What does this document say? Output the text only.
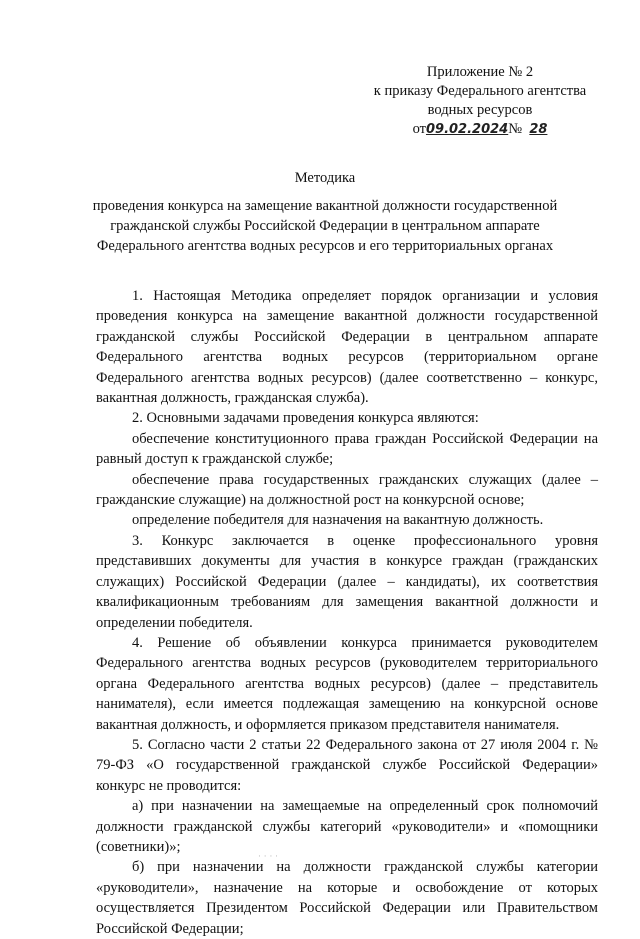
Приложение № 2
к приказу Федерального агентства
водных ресурсов
от09.02.2024№ 28
Методика
проведения конкурса на замещение вакантной должности государственной гражданской службы Российской Федерации в центральном аппарате Федерального агентства водных ресурсов и его территориальных органах

1. Настоящая Методика определяет порядок организации и условия проведения конкурса на замещение вакантной должности государственной гражданской службы Российской Федерации в центральном аппарате Федерального агентства водных ресурсов (территориальном органе Федерального агентства водных ресурсов) (далее соответственно – конкурс, вакантная должность, гражданская служба).

2. Основными задачами проведения конкурса являются:

обеспечение конституционного права граждан Российской Федерации на равный доступ к гражданской службе;

обеспечение права государственных гражданских служащих (далее – гражданские служащие) на должностной рост на конкурсной основе;

определение победителя для назначения на вакантную должность.

3. Конкурс заключается в оценке профессионального уровня представивших документы для участия в конкурсе граждан (гражданских служащих) Российской Федерации (далее – кандидаты), их соответствия квалификационным требованиям для замещения вакантной должности и определении победителя.

4. Решение об объявлении конкурса принимается руководителем Федерального агентства водных ресурсов (руководителем территориального органа Федерального агентства водных ресурсов) (далее – представитель нанимателя), если имеется подлежащая замещению на конкурсной основе вакантная должность, и оформляется приказом представителя нанимателя.

5. Согласно части 2 статьи 22 Федерального закона от 27 июля 2004 г. № 79-ФЗ «О государственной гражданской службе Российской Федерации» конкурс не проводится:

а) при назначении на замещаемые на определенный срок полномочий должности гражданской службы категорий «руководители» и «помощники (советники)»;

б) при назначении на должности гражданской службы категории «руководители», назначение на которые и освобождение от которых осуществляется Президентом Российской Федерации или Правительством Российской Федерации;

· · · ·
